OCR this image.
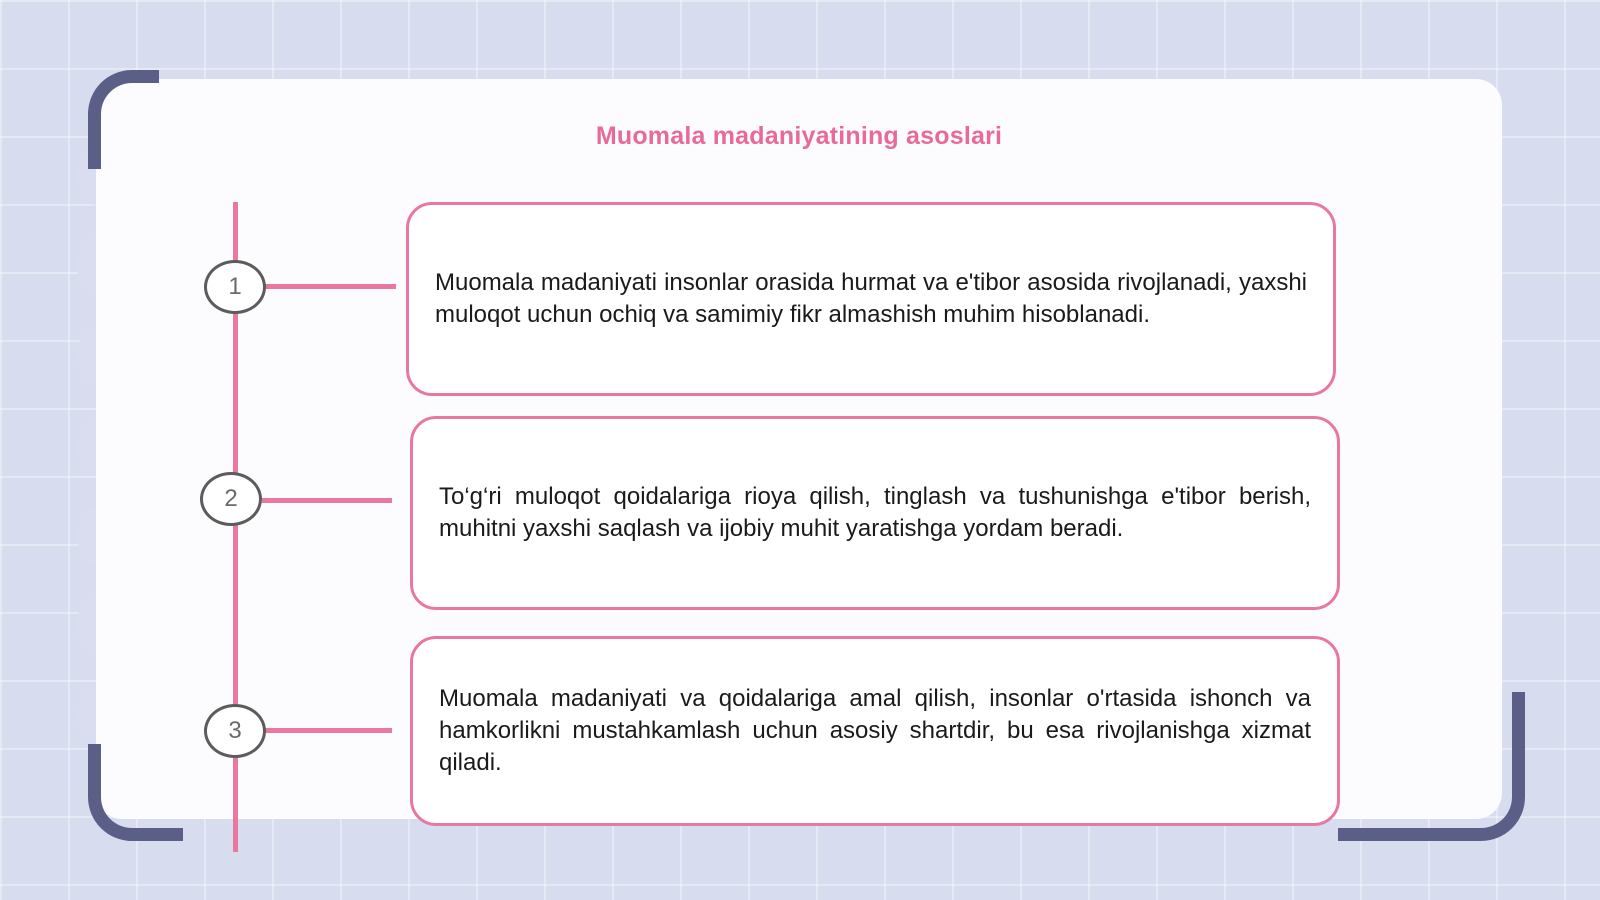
Muomala madaniyatining asoslari
1	Muomala madaniyati insonlar orasida hurmat va e'tibor asosida rivojlanadi, yaxshi muloqot uchun ochiq va samimiy fikr almashish muhim hisoblanadi.

2	To‘g‘ri muloqot qoidalariga rioya qilish, tinglash va tushunishga e'tibor berish, muhitni yaxshi saqlash va ijobiy muhit yaratishga yordam beradi.

3

Muomala madaniyati va qoidalariga amal qilish, insonlar o'rtasida ishonch va hamkorlikni mustahkamlash uchun asosiy shartdir, bu esa rivojlanishga xizmat qiladi.
